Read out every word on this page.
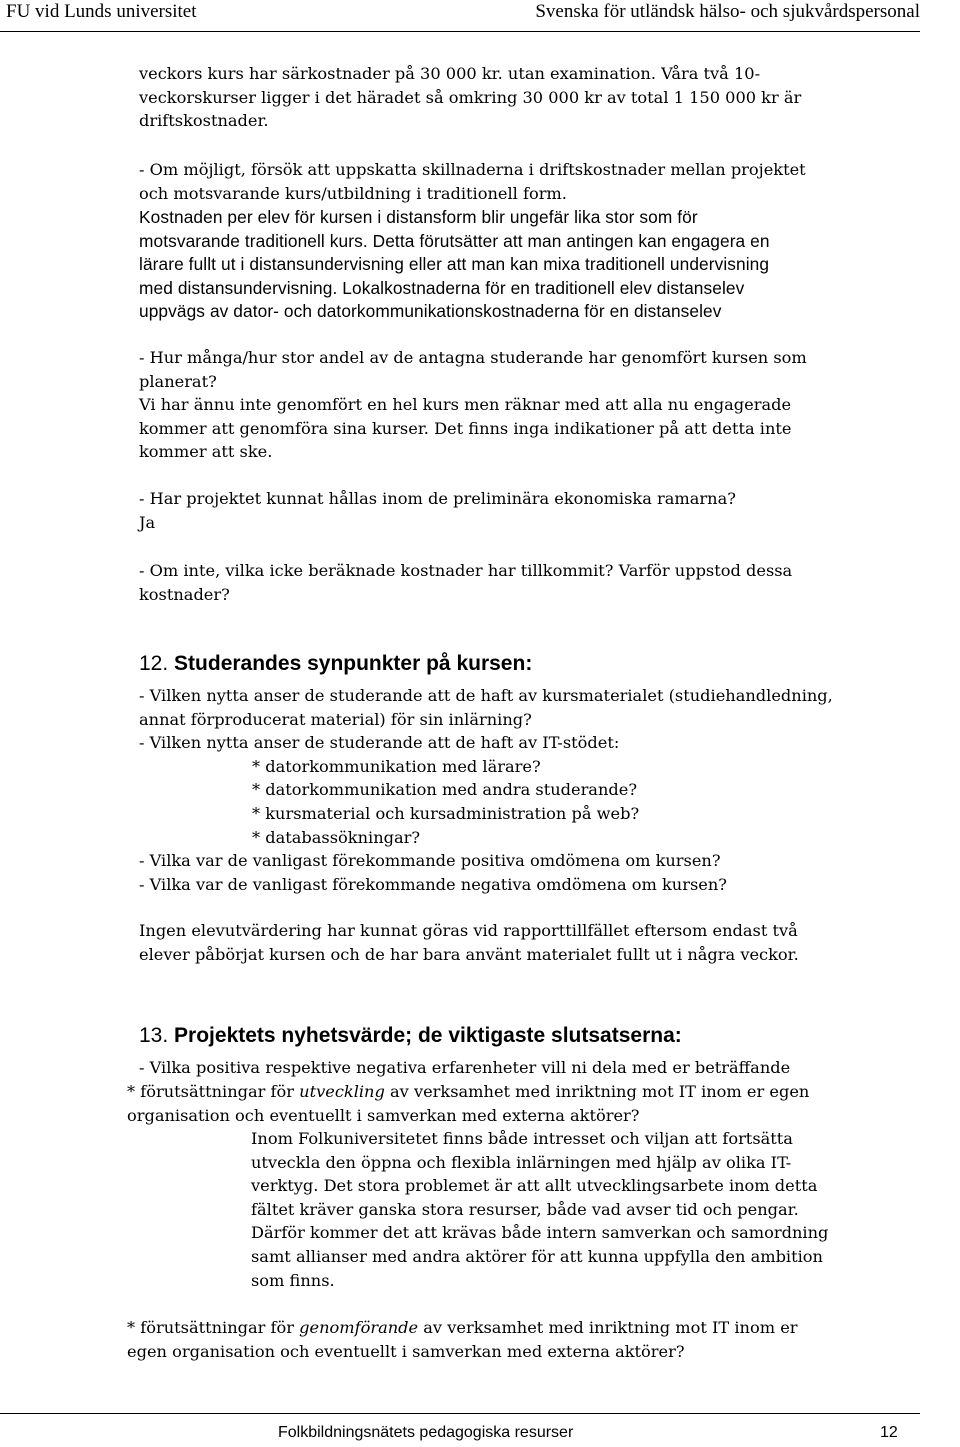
FU vid Lunds universitet	Svenska för utländsk hälso- och sjukvårdspersonal
veckors kurs har särkostnader på 30 000 kr. utan examination. Våra två 10-
veckorskurser ligger i det häradet så omkring 30 000 kr av total 1 150 000 kr är
driftskostnader.
- Om möjligt, försök att uppskatta skillnaderna i driftskostnader mellan projektet
och motsvarande kurs/utbildning i traditionell form.
Kostnaden per elev för kursen i distansform blir ungefär lika stor som för
motsvarande traditionell kurs. Detta förutsätter att man antingen kan engagera en
lärare fullt ut i distansundervisning eller att man kan mixa traditionell undervisning
med distansundervisning. Lokalkostnaderna för en traditionell elev distanselev
uppvägs av dator- och datorkommunikationskostnaderna för en distanselev
- Hur många/hur stor andel av de antagna studerande har genomfört kursen som
planerat?
Vi har ännu inte genomfört en hel kurs men räknar med att alla nu engagerade
kommer att genomföra sina kurser. Det finns inga indikationer på att detta inte
kommer att ske.
- Har projektet kunnat hållas inom de preliminära ekonomiska ramarna?
Ja
- Om inte, vilka icke beräknade kostnader har tillkommit? Varför uppstod dessa
kostnader?
12. Studerandes synpunkter på kursen:
- Vilken nytta anser de studerande att de haft av kursmaterialet (studiehandledning,
annat förproducerat material) för sin inlärning?
- Vilken nytta anser de studerande att de haft av IT-stödet:
* datorkommunikation med lärare?
* datorkommunikation med andra studerande?
* kursmaterial och kursadministration på web?
* databassökningar?
- Vilka var de vanligast förekommande positiva omdömena om kursen?
- Vilka var de vanligast förekommande negativa omdömena om kursen?
Ingen elevutvärdering har kunnat göras vid rapporttillfället eftersom endast två
elever påbörjat kursen och de har bara använt materialet fullt ut i några veckor.
13. Projektets nyhetsvärde; de viktigaste slutsatserna:
- Vilka positiva respektive negativa erfarenheter vill ni dela med er beträffande
* förutsättningar för utveckling av verksamhet med inriktning mot IT inom er egen
organisation och eventuellt i samverkan med externa aktörer?
Inom Folkuniversitetet finns både intresset och viljan att fortsätta
utveckla den öppna och flexibla inlärningen med hjälp av olika IT-
verktyg. Det stora problemet är att allt utvecklingsarbete inom detta
fältet kräver ganska stora resurser, både vad avser tid och pengar.
Därför kommer det att krävas både intern samverkan och samordning
samt allianser med andra aktörer för att kunna uppfylla den ambition
som finns.
* förutsättningar för genomförande av verksamhet med inriktning mot IT inom er
egen organisation och eventuellt i samverkan med externa aktörer?
Folkbildningsnätets pedagogiska resurser	12
